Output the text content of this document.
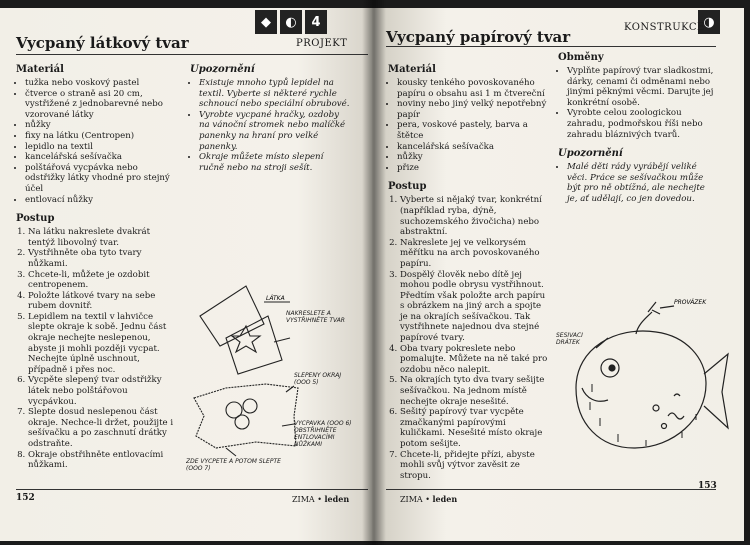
◆	◐	4
Vycpaný látkový tvar	PROJEKT
Materiál
• tužka nebo voskový pastel
• čtverce o straně asi 20 cm, vystřižené z jednobarevné nebo vzorované látky
• nůžky
• fixy na látku (Centropen)
• lepidlo na textil
• kancelářská sešívačka
• polštářová vycpávka nebo odstřižky látky vhodné pro stejný účel
• entlovací nůžky
Postup
1. Na látku nakreslete dvakrát tentýž libovolný tvar.
2. Vystřihněte oba tyto tvary nůžkami.
3. Chcete-li, můžete je ozdobit centropenem.
4. Položte látkové tvary na sebe rubem dovnitř.
5. Lepidlem na textil v lahvičce slepte okraje k sobě. Jednu část okraje nechejte neslepenou, abyste ji mohli později vycpat. Nechejte úplně uschnout, případně i přes noc.
6. Vycpěte slepený tvar odstřižky látek nebo polštářovou vycpávkou.
7. Slepte dosud neslepenou část okraje. Nechce-li držet, použijte i sešívačku a po zaschnutí drátky odstraňte.
8. Okraje obstřihněte entlovacími nůžkami.
Upozornění
• Existuje mnoho typů lepidel na textil. Vyberte si některé rychle schnoucí nebo speciální obrubové.
• Vyrobte vycpané hračky, ozdoby na vánoční stromek nebo malíčké panenky na hraní pro velké panenky.
• Okraje můžete místo slepení ručně nebo na stroji sešít.
LÁTKA
NAKRESLETE A VYSTŘIHNĚTE TVAR
SLEPENÝ OKRAJ (OOO 5)
VYCPÁVKA (OOO 6) OBSTŘIHNĚTE ENTLOVACÍMI NŮŽKAMI
ZDE VYCPĚTE A POTOM SLEPTE (OOO 7)
152	ZIMA • leden
◑
Vycpaný papírový tvar
KONSTRUKCE
Materiál
• kousky tenkého povoskovaného papíru o obsahu asi 1 m čtvereční
• noviny nebo jiný velký nepotřebný papír
• pera, voskové pastely, barva a štětce
• kancelářská sešívačka
• nůžky
• přize
Postup
1. Vyberte si nějaký tvar, konkrétní (například ryba, dýně, suchozemského živočicha) nebo abstraktní.
2. Nakreslete jej ve velkorysém měřítku na arch povoskovaného papíru.
3. Dospělý člověk nebo dítě jej mohou podle obrysu vystřihnout. Předtím však položte arch papíru s obrázkem na jiný arch a spojte je na okrajích sešívačkou. Tak vystřihnete najednou dva stejné papírové tvary.
4. Oba tvary pokreslete nebo pomalujte. Můžete na ně také pro ozdobu něco nalepit.
5. Na okrajích tyto dva tvary sešijte sešívačkou. Na jednom místě nechejte okraje nesešité.
6. Sešitý papírový tvar vycpěte zmačkanými papírovými kuličkami. Nesešité místo okraje potom sešijte.
7. Chcete-li, přidejte přízi, abyste mohli svůj výtvor zavěsit ze stropu.
Obměny
• Vyplňte papírový tvar sladkostmi, dárky, cenami či odměnami nebo jinými pěknými věcmi. Darujte jej konkrétní osobě.
• Vyrobte celou zoologickou zahradu, podmořskou říši nebo zahradu bláznivých tvarů.
Upozornění
• Malé děti rády vyrábějí veliké věci. Práce se sešívačkou může být pro ně obtížná, ale nechejte je, ať udělají, co jen dovedou.
PROVÁZEK
SEŠÍVACÍ DRÁTEK
153
ZIMA • leden
